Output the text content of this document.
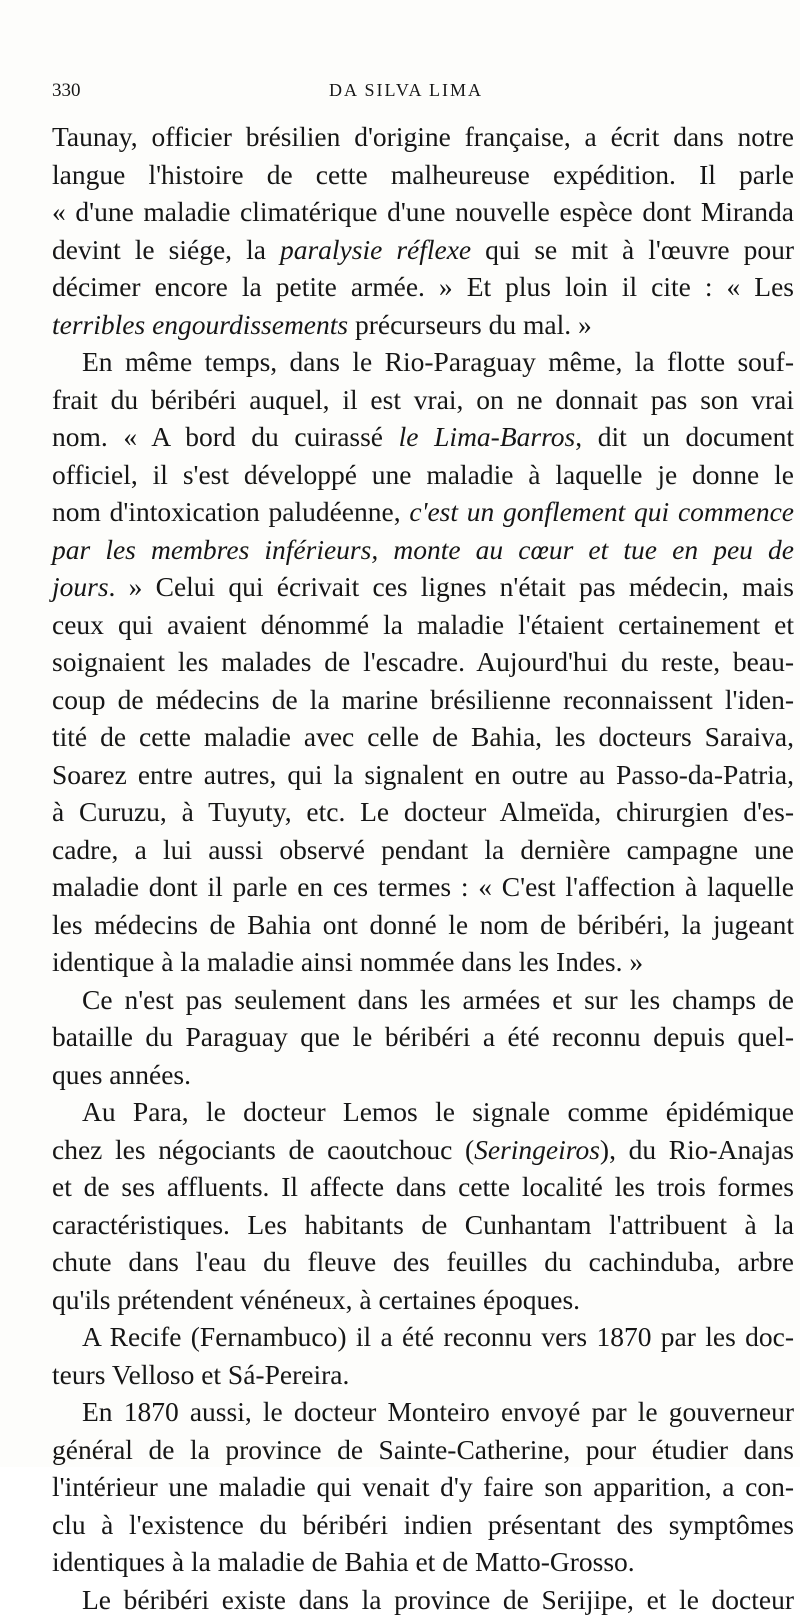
330	DA SILVA LIMA
Taunay, officier brésilien d'origine française, a écrit dans notre
langue l'histoire de cette malheureuse expédition. Il parle
« d'une maladie climatérique d'une nouvelle espèce dont Miranda
devint le siége, la paralysie réflexe qui se mit à l'œuvre pour
décimer encore la petite armée. » Et plus loin il cite : « Les
terribles engourdissements précurseurs du mal. »
En même temps, dans le Rio-Paraguay même, la flotte souf-
frait du béribéri auquel, il est vrai, on ne donnait pas son vrai
nom. « A bord du cuirassé le Lima-Barros, dit un document
officiel, il s'est développé une maladie à laquelle je donne le
nom d'intoxication paludéenne, c'est un gonflement qui commence
par les membres inférieurs, monte au cœur et tue en peu de
jours. » Celui qui écrivait ces lignes n'était pas médecin, mais
ceux qui avaient dénommé la maladie l'étaient certainement et
soignaient les malades de l'escadre. Aujourd'hui du reste, beau-
coup de médecins de la marine brésilienne reconnaissent l'iden-
tité de cette maladie avec celle de Bahia, les docteurs Saraiva,
Soarez entre autres, qui la signalent en outre au Passo-da-Patria,
à Curuzu, à Tuyuty, etc. Le docteur Almeïda, chirurgien d'es-
cadre, a lui aussi observé pendant la dernière campagne une
maladie dont il parle en ces termes : « C'est l'affection à laquelle
les médecins de Bahia ont donné le nom de béribéri, la jugeant
identique à la maladie ainsi nommée dans les Indes. »
Ce n'est pas seulement dans les armées et sur les champs de
bataille du Paraguay que le béribéri a été reconnu depuis quel-
ques années.
Au Para, le docteur Lemos le signale comme épidémique
chez les négociants de caoutchouc (Seringeiros), du Rio-Anajas
et de ses affluents. Il affecte dans cette localité les trois formes
caractéristiques. Les habitants de Cunhantam l'attribuent à la
chute dans l'eau du fleuve des feuilles du cachinduba, arbre
qu'ils prétendent vénéneux, à certaines époques.
A Recife (Fernambuco) il a été reconnu vers 1870 par les doc-
teurs Velloso et Sá-Pereira.
En 1870 aussi, le docteur Monteiro envoyé par le gouverneur
général de la province de Sainte-Catherine, pour étudier dans
l'intérieur une maladie qui venait d'y faire son apparition, a con-
clu à l'existence du béribéri indien présentant des symptômes
identiques à la maladie de Bahia et de Matto-Grosso.
Le béribéri existe dans la province de Serijipe, et le docteur
